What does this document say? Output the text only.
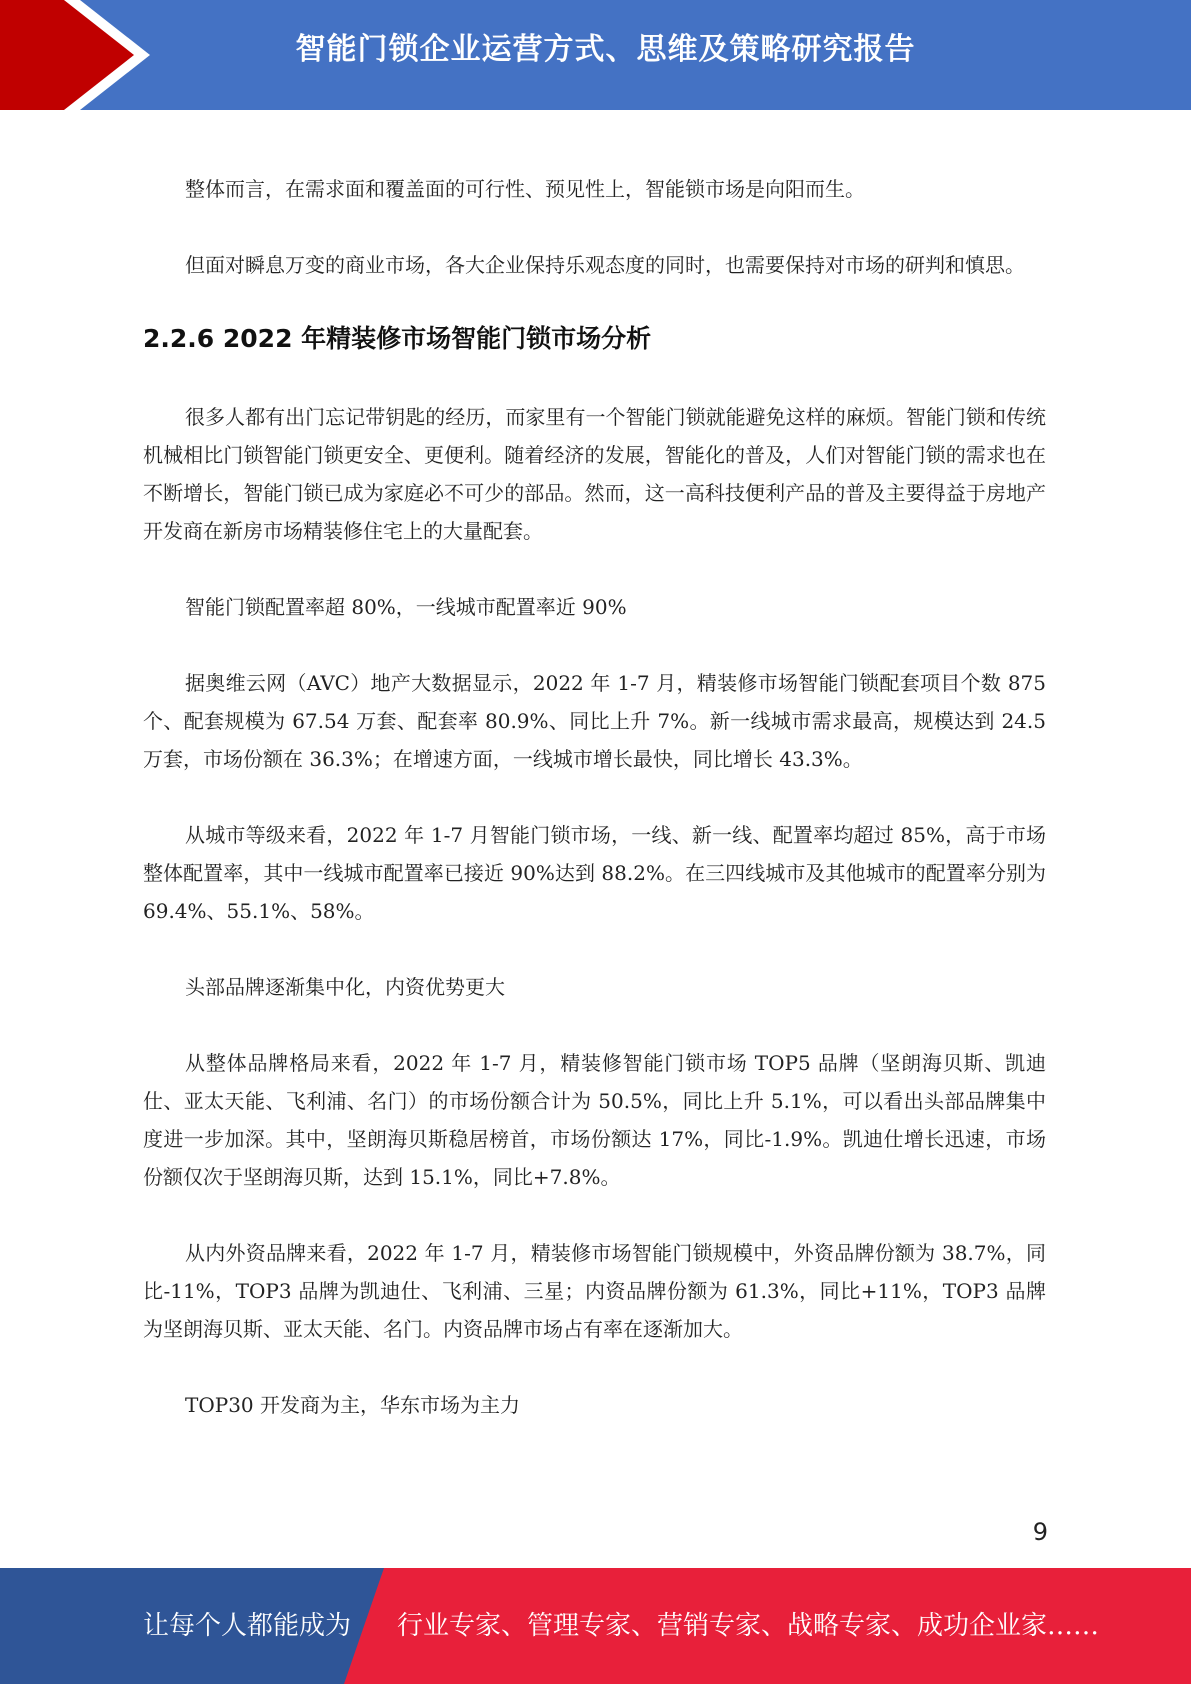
智能门锁企业运营方式、思维及策略研究报告

整体而言，在需求面和覆盖面的可行性、预见性上，智能锁市场是向阳而生。

但面对瞬息万变的商业市场，各大企业保持乐观态度的同时，也需要保持对市场的研判和慎思。

2.2.6 2022 年精装修市场智能门锁市场分析

很多人都有出门忘记带钥匙的经历，而家里有一个智能门锁就能避免这样的麻烦。智能门锁和传统机械相比门锁智能门锁更安全、更便利。随着经济的发展，智能化的普及，人们对智能门锁的需求也在不断增长，智能门锁已成为家庭必不可少的部品。然而，这一高科技便利产品的普及主要得益于房地产开发商在新房市场精装修住宅上的大量配套。

智能门锁配置率超 80%，一线城市配置率近 90%

据奥维云网（AVC）地产大数据显示，2022 年 1-7 月，精装修市场智能门锁配套项目个数 875 个、配套规模为 67.54 万套、配套率 80.9%、同比上升 7%。新一线城市需求最高，规模达到 24.5 万套，市场份额在 36.3%；在增速方面，一线城市增长最快，同比增长 43.3%。

从城市等级来看，2022 年 1-7 月智能门锁市场，一线、新一线、配置率均超过 85%，高于市场整体配置率，其中一线城市配置率已接近 90%达到 88.2%。在三四线城市及其他城市的配置率分别为 69.4%、55.1%、58%。

头部品牌逐渐集中化，内资优势更大

从整体品牌格局来看，2022 年 1-7 月，精装修智能门锁市场 TOP5 品牌（坚朗海贝斯、凯迪仕、亚太天能、飞利浦、名门）的市场份额合计为 50.5%，同比上升 5.1%，可以看出头部品牌集中度进一步加深。其中，坚朗海贝斯稳居榜首，市场份额达 17%，同比-1.9%。凯迪仕增长迅速，市场份额仅次于坚朗海贝斯，达到 15.1%，同比+7.8%。

从内外资品牌来看，2022 年 1-7 月，精装修市场智能门锁规模中，外资品牌份额为 38.7%，同比-11%，TOP3 品牌为凯迪仕、飞利浦、三星；内资品牌份额为 61.3%，同比+11%，TOP3 品牌为坚朗海贝斯、亚太天能、名门。内资品牌市场占有率在逐渐加大。

TOP30 开发商为主，华东市场为主力

9
让每个人都能成为 行业专家、管理专家、营销专家、战略专家、成功企业家……
